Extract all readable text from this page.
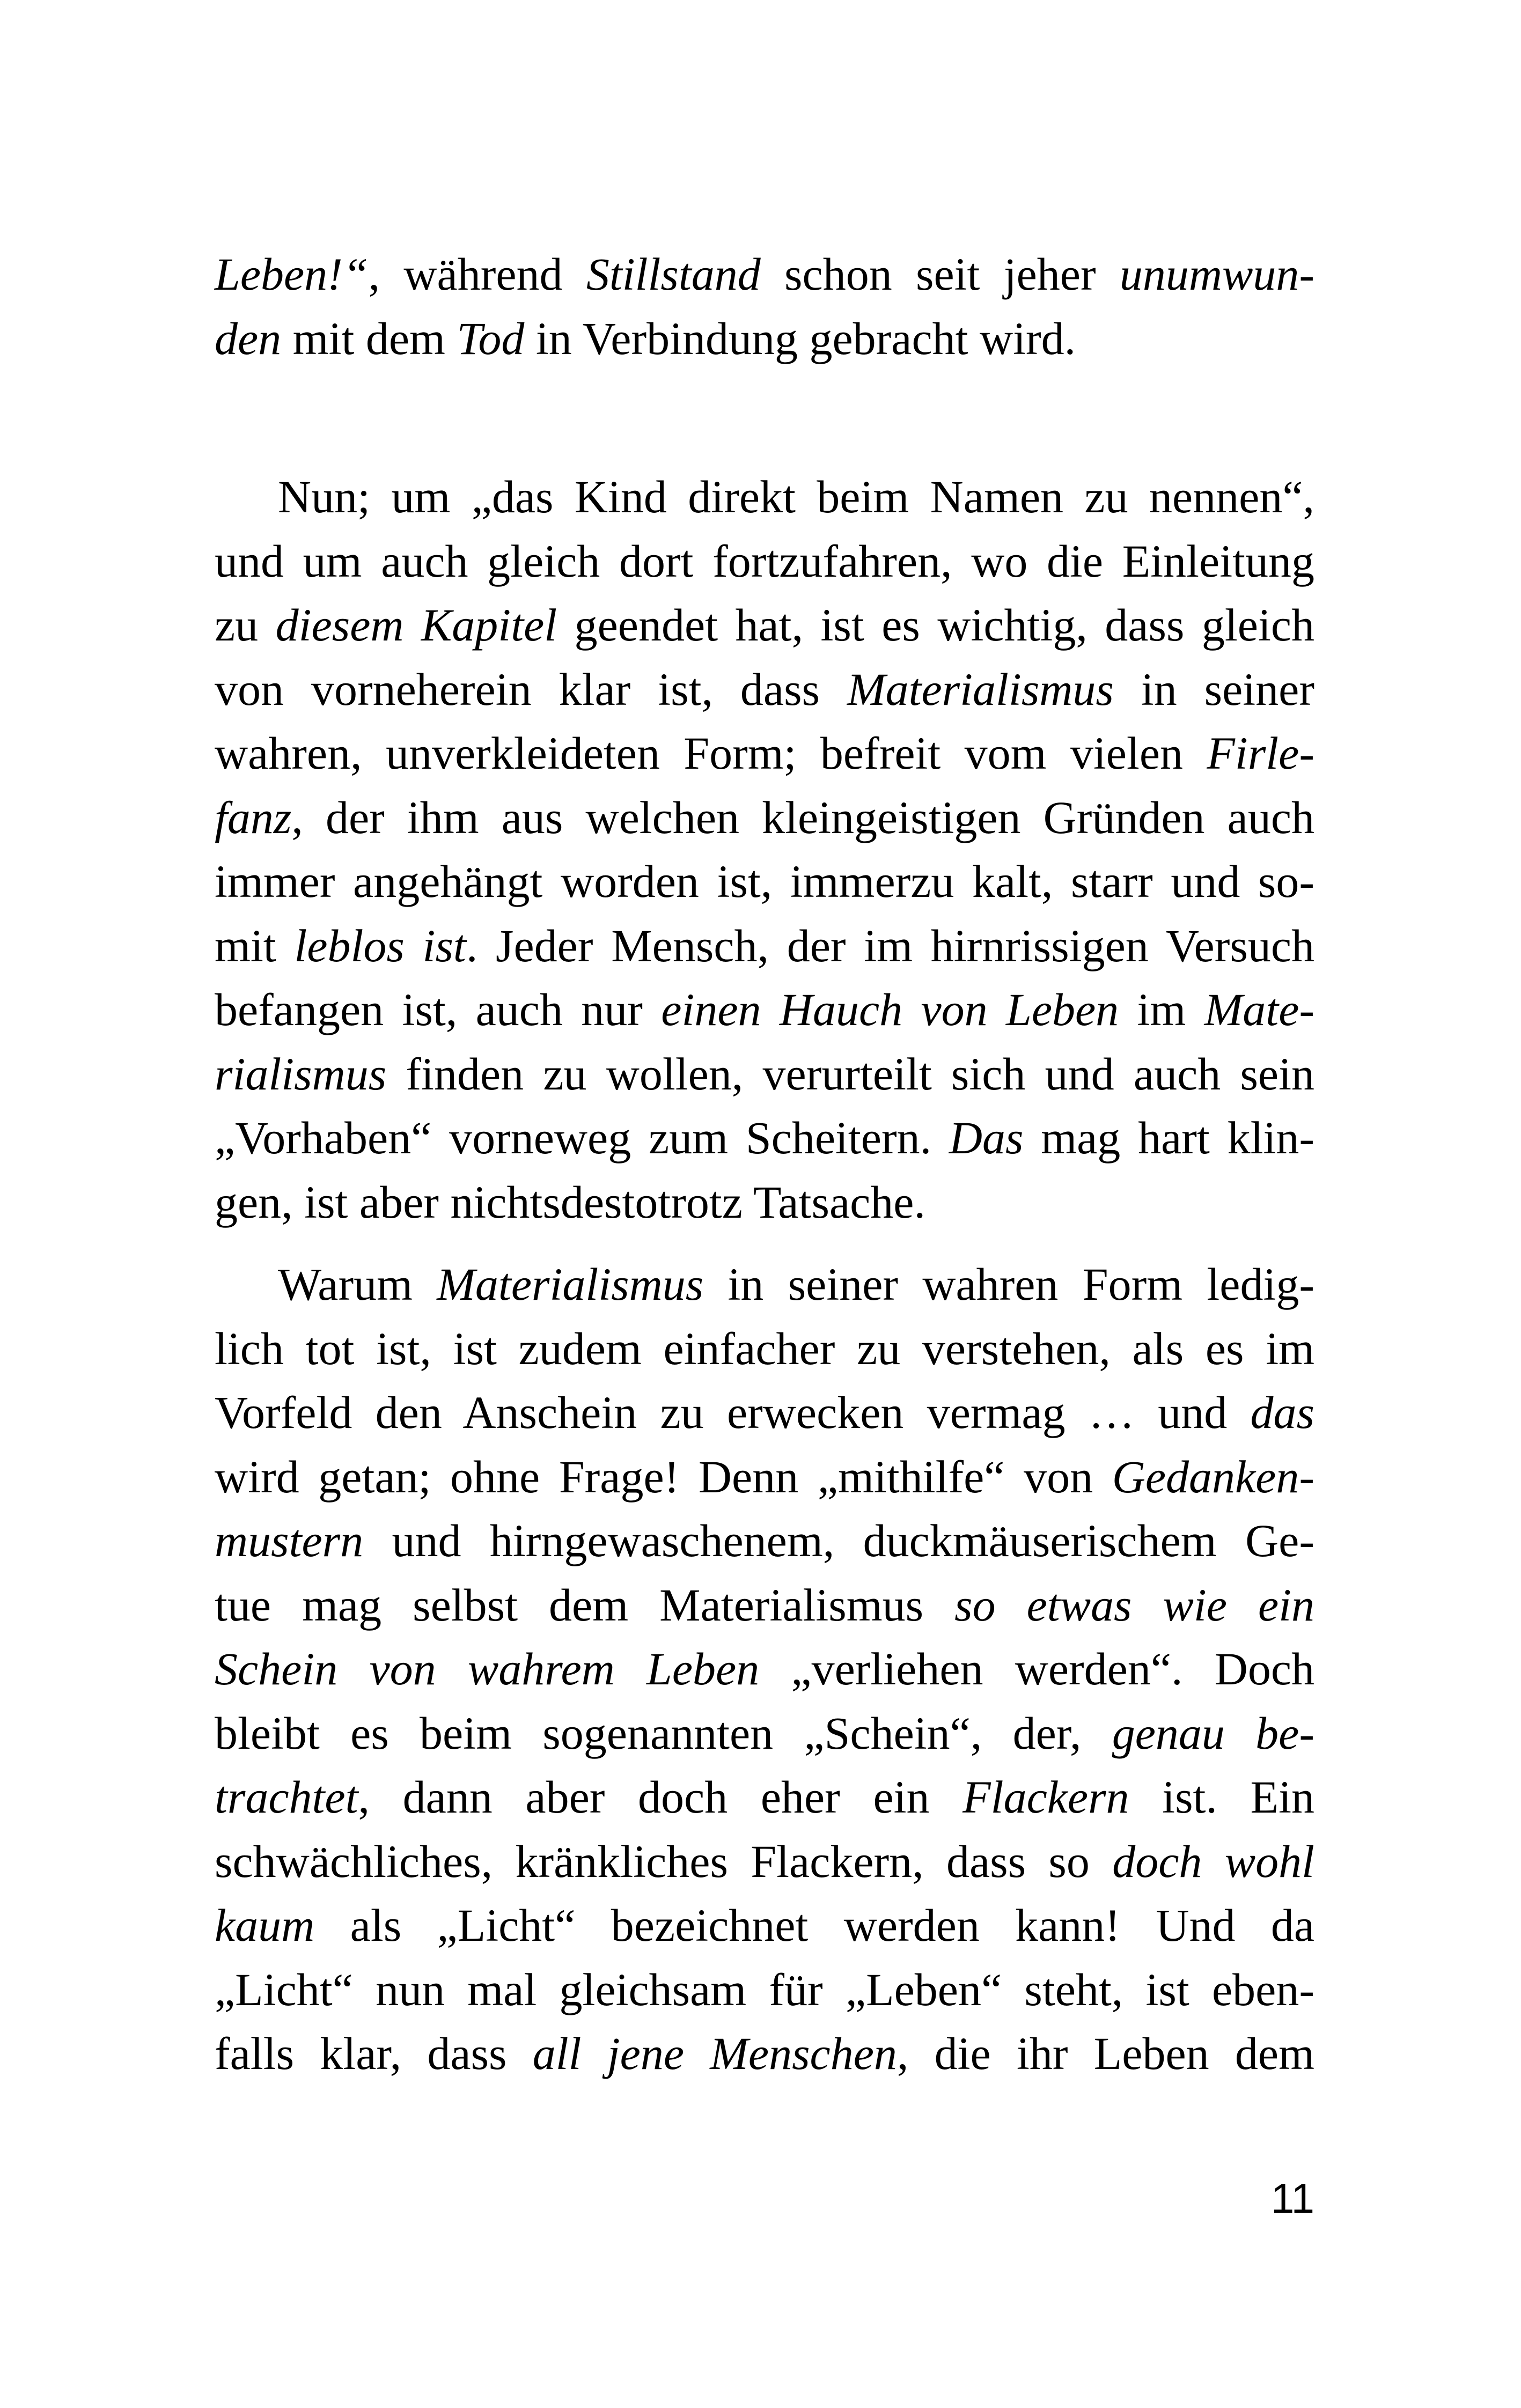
Leben!“, während Stillstand schon seit jeher unumwun-
den mit dem Tod in Verbindung gebracht wird.
Nun; um „das Kind direkt beim Namen zu nennen“,
und um auch gleich dort fortzufahren, wo die Einleitung
zu diesem Kapitel geendet hat, ist es wichtig, dass gleich
von vorneherein klar ist, dass Materialismus in seiner
wahren, unverkleideten Form; befreit vom vielen Firle-
fanz, der ihm aus welchen kleingeistigen Gründen auch
immer angehängt worden ist, immerzu kalt, starr und so-
mit leblos ist. Jeder Mensch, der im hirnrissigen Versuch
befangen ist, auch nur einen Hauch von Leben im Mate-
rialismus finden zu wollen, verurteilt sich und auch sein
„Vorhaben“ vorneweg zum Scheitern. Das mag hart klin-
gen, ist aber nichtsdestotrotz Tatsache.
Warum Materialismus in seiner wahren Form ledig-
lich tot ist, ist zudem einfacher zu verstehen, als es im
Vorfeld den Anschein zu erwecken vermag … und das
wird getan; ohne Frage! Denn „mithilfe“ von Gedanken-
mustern und hirngewaschenem, duckmäuserischem Ge-
tue mag selbst dem Materialismus so etwas wie ein
Schein von wahrem Leben „verliehen werden“. Doch
bleibt es beim sogenannten „Schein“, der, genau be-
trachtet, dann aber doch eher ein Flackern ist. Ein
schwächliches, kränkliches Flackern, dass so doch wohl
kaum als „Licht“ bezeichnet werden kann! Und da
„Licht“ nun mal gleichsam für „Leben“ steht, ist eben-
falls klar, dass all jene Menschen, die ihr Leben dem
11
